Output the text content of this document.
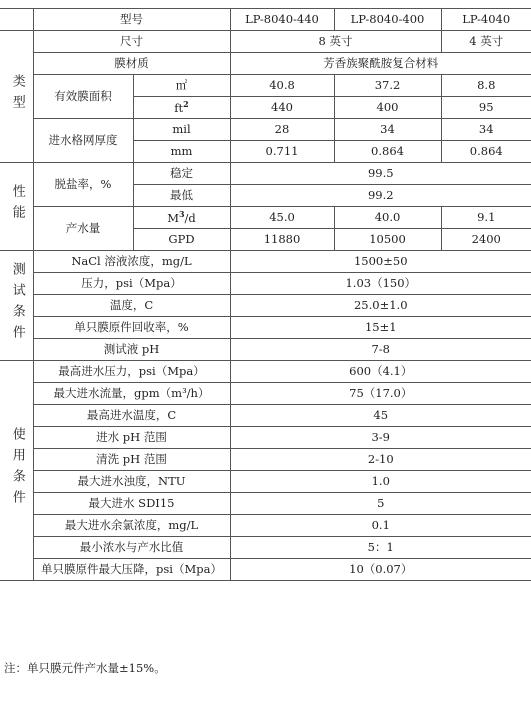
	型号		LP-8040-440	LP-8040-400	LP-4040
类型	尺寸		8 英寸		4 英寸
	膜材质		芳香族聚酰胺复合材料		
	有效膜面积	㎡	40.8	37.2	8.8
		$ft^2$	440	400	95
	进水格网厚度	mil	28	34	34
		mm	0.711	0.864	0.864

性能	脱盐率，%	稳定	99.5		
		最低	99.2		
	产水量	$M^3/d$	45.0	40.0	9.1
		GPD	11880	10500	2400
测试条件	NaCl 溶液浓度，mg/L		1500±50		
	压力，psi（Mpa）		1.03（150）		
	温度，C		25.0±1.0		
	单只膜原件回收率，%		15±1		
	测试液 pH		7-8		
使用条件	最高进水压力，psi（Mpa）		600（4.1）		
	最大进水流量，gpm（m³/h）		75（17.0）		
	最高进水温度，C		45		
	进水 pH 范围		3-9		
	清洗 pH 范围		2-10		
	最大进水浊度，NTU		1.0		
	最大进水 SDI15		5		
	最大进水余氯浓度，mg/L		0.1		
	最小浓水与产水比值		5：1		
	单只膜原件最大压降，psi（Mpa）		10（0.07）		
注：单只膜元件产水量±15%。
